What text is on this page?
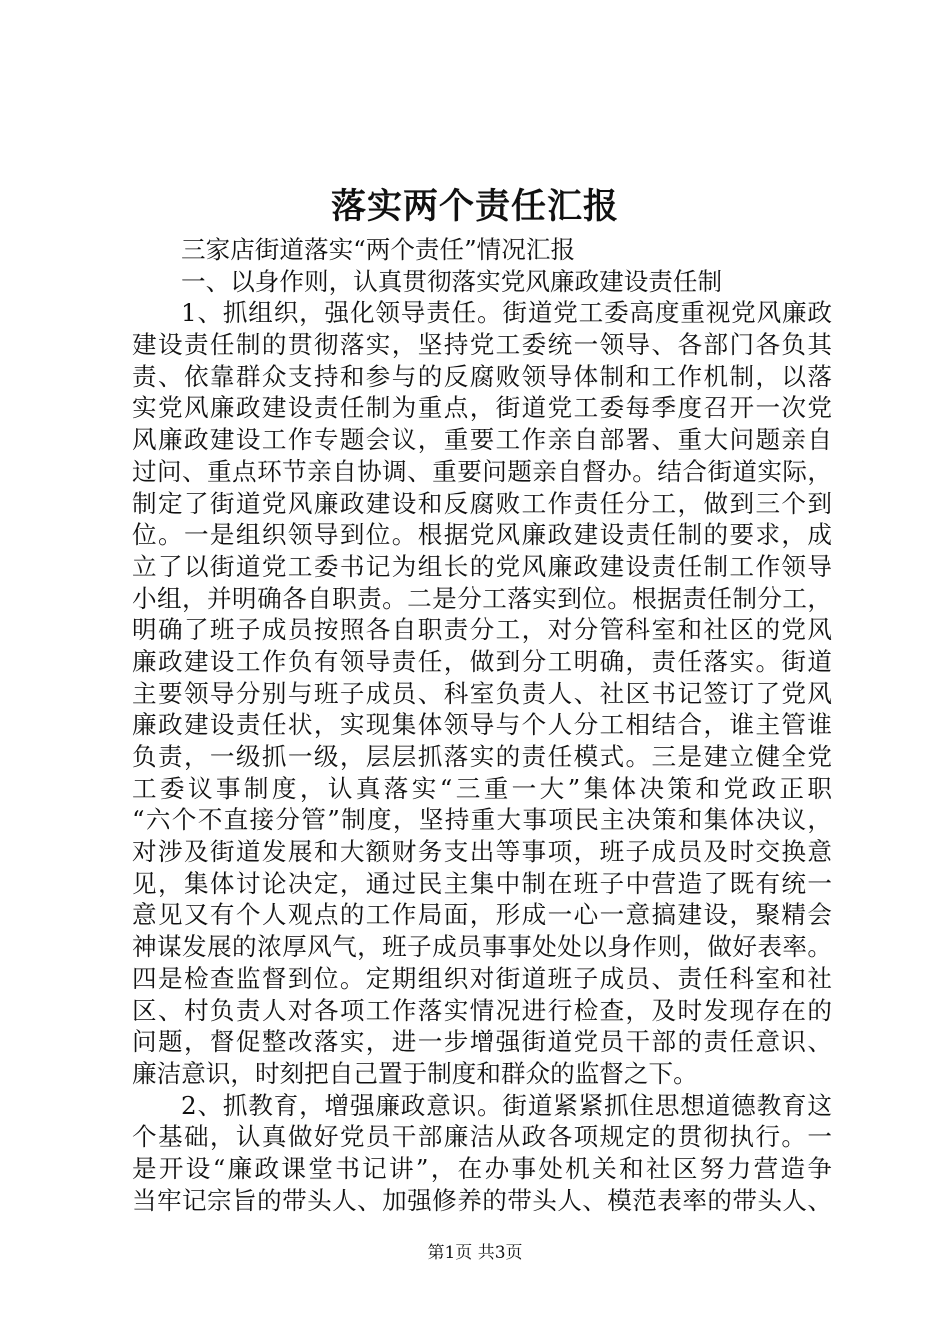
落实两个责任汇报
三家店街道落实“两个责任”情况汇报
一、以身作则，认真贯彻落实党风廉政建设责任制
1、抓组织，强化领导责任。街道党工委高度重视党风廉政
建设责任制的贯彻落实，坚持党工委统一领导、各部门各负其
责、依靠群众支持和参与的反腐败领导体制和工作机制，以落
实党风廉政建设责任制为重点，街道党工委每季度召开一次党
风廉政建设工作专题会议，重要工作亲自部署、重大问题亲自
过问、重点环节亲自协调、重要问题亲自督办。结合街道实际，
制定了街道党风廉政建设和反腐败工作责任分工，做到三个到
位。一是组织领导到位。根据党风廉政建设责任制的要求，成
立了以街道党工委书记为组长的党风廉政建设责任制工作领导
小组，并明确各自职责。二是分工落实到位。根据责任制分工，
明确了班子成员按照各自职责分工，对分管科室和社区的党风
廉政建设工作负有领导责任，做到分工明确，责任落实。街道
主要领导分别与班子成员、科室负责人、社区书记签订了党风
廉政建设责任状，实现集体领导与个人分工相结合，谁主管谁
负责，一级抓一级，层层抓落实的责任模式。三是建立健全党
工委议事制度，认真落实“三重一大”集体决策和党政正职
“六个不直接分管”制度，坚持重大事项民主决策和集体决议，
对涉及街道发展和大额财务支出等事项，班子成员及时交换意
见，集体讨论决定，通过民主集中制在班子中营造了既有统一
意见又有个人观点的工作局面，形成一心一意搞建设，聚精会
神谋发展的浓厚风气，班子成员事事处处以身作则，做好表率。
四是检查监督到位。定期组织对街道班子成员、责任科室和社
区、村负责人对各项工作落实情况进行检查，及时发现存在的
问题，督促整改落实，进一步增强街道党员干部的责任意识、
廉洁意识，时刻把自己置于制度和群众的监督之下。
2、抓教育，增强廉政意识。街道紧紧抓住思想道德教育这
个基础，认真做好党员干部廉洁从政各项规定的贯彻执行。一
是开设“廉政课堂书记讲”，在办事处机关和社区努力营造争
当牢记宗旨的带头人、加强修养的带头人、模范表率的带头人、
第1页 共3页
